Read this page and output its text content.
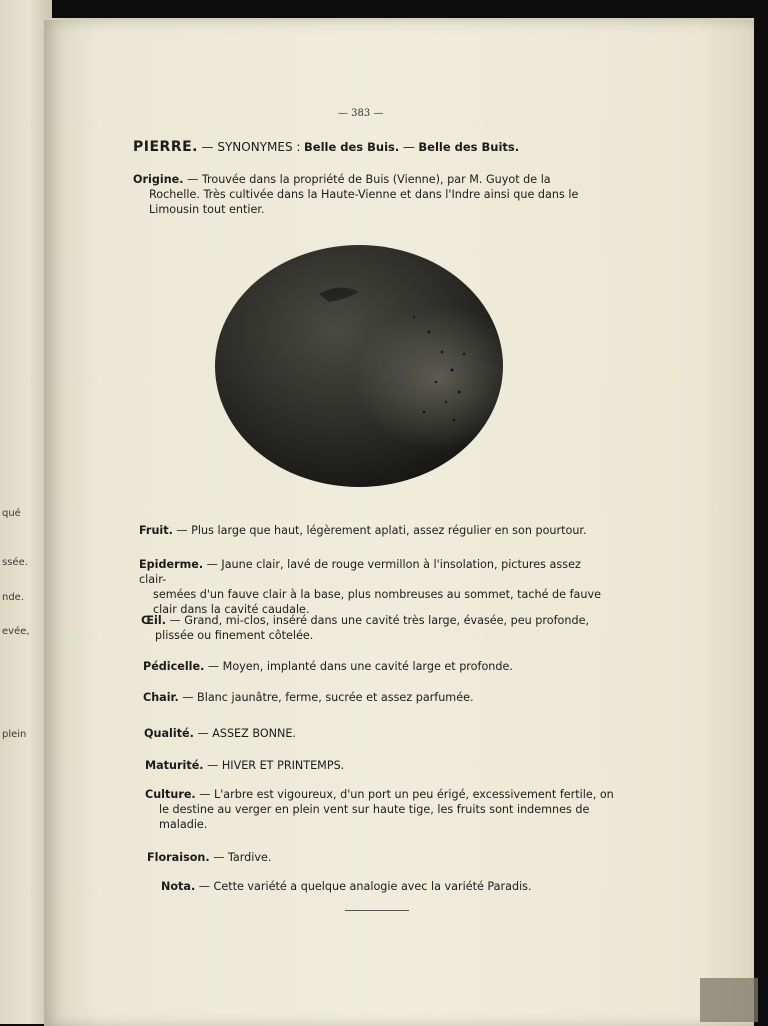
qué
ssée.
nde.
evée,
plein
— 383 —
PIERRE. — SYNONYMES : Belle des Buis. — Belle des Buits.
Origine. — Trouvée dans la propriété de Buis (Vienne), par M. Guyot de la
Rochelle. Très cultivée dans la Haute-Vienne et dans l'Indre ainsi que dans le
Limousin tout entier.
Fruit. — Plus large que haut, légèrement aplati, assez régulier en son pourtour.
Epiderme. — Jaune clair, lavé de rouge vermillon à l'insolation, pictures assez clair-
semées d'un fauve clair à la base, plus nombreuses au sommet, taché de fauve
clair dans la cavité caudale.
Œil. — Grand, mi-clos, inséré dans une cavité très large, évasée, peu profonde,
plissée ou finement côtelée.
Pédicelle. — Moyen, implanté dans une cavité large et profonde.
Chair. — Blanc jaunâtre, ferme, sucrée et assez parfumée.
Qualité. — ASSEZ BONNE.
Maturité. — HIVER ET PRINTEMPS.
Culture. — L'arbre est vigoureux, d'un port un peu érigé, excessivement fertile, on
le destine au verger en plein vent sur haute tige, les fruits sont indemnes de
maladie.
Floraison. — Tardive.
Nota. — Cette variété a quelque analogie avec la variété Paradis.
